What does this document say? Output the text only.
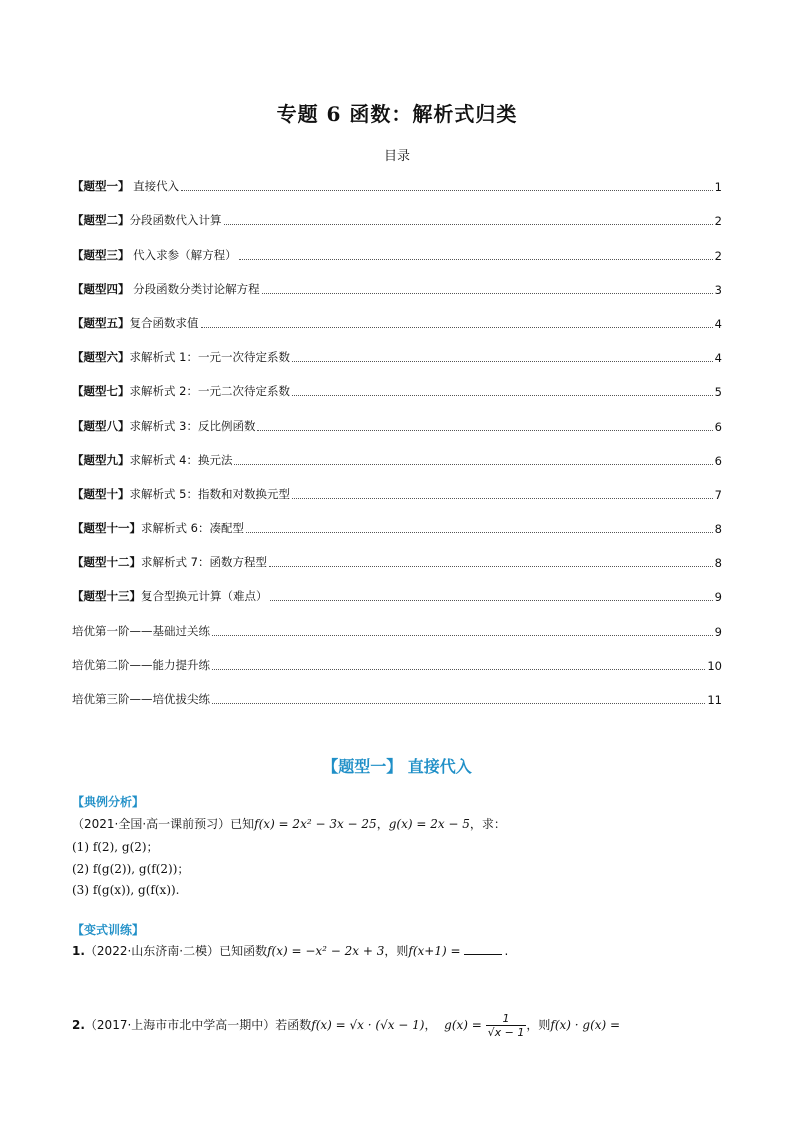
专题 6 函数：解析式归类
目录
【题型一】 直接代入	1
【题型二】分段函数代入计算	2
【题型三】 代入求参（解方程）	2
【题型四】 分段函数分类讨论解方程	3
【题型五】复合函数求值	4
【题型六】求解析式 1：一元一次待定系数	4
【题型七】求解析式 2：一元二次待定系数	5
【题型八】求解析式 3：反比例函数	6
【题型九】求解析式 4：换元法	6
【题型十】求解析式 5：指数和对数换元型	7
【题型十一】求解析式 6：凑配型	8
【题型十二】求解析式 7：函数方程型	8
【题型十三】复合型换元计算（难点）	9
培优第一阶——基础过关练	9
培优第二阶——能力提升练	10
培优第三阶——培优拔尖练	11
【题型一】 直接代入
【典例分析】
（2021·全国·高一课前预习）已知f(x) = 2x² − 3x − 25，g(x) = 2x − 5，求：
(1) f(2), g(2)；
(2) f(g(2)), g(f(2))；
(3) f(g(x)), g(f(x)).
【变式训练】
1.（2022·山东济南·二模）已知函数f(x) = −x² − 2x + 3，则f(x+1) =	.
2.（2017·上海市市北中学高一期中）若函数f(x) = √x · (√x − 1)，  $g(x) = \frac{1}{√x - 1}$ ，则f(x) · g(x) =
